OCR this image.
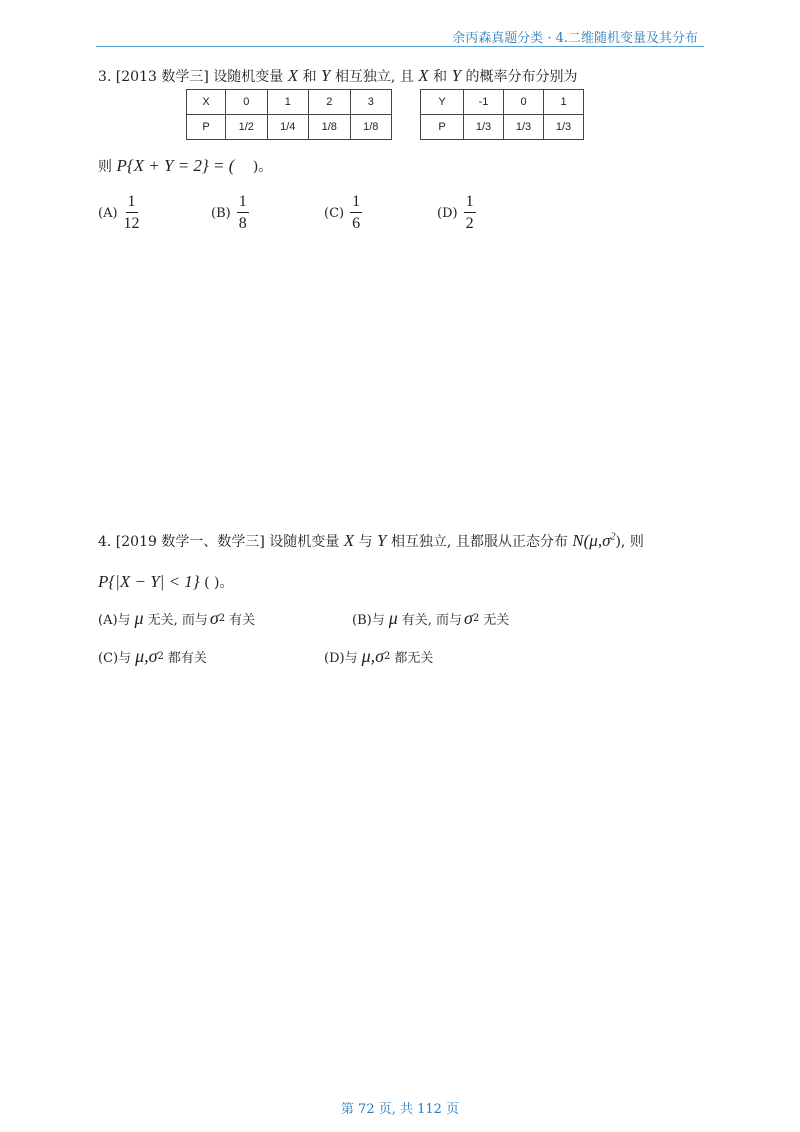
余丙森真题分类 · 4.二维随机变量及其分布
3. [2013 数学三] 设随机变量 X 和 Y 相互独立, 且 X 和 Y 的概率分布分别为
X	0	1	2	3
P	1/2	1/4	1/8	1/8
Y	-1	0	1
P	1/3	1/3	1/3
则 P{X + Y = 2} = ( )。
$(A) \frac{1}{12}$	$(B) \frac{1}{8}$	$(C) \frac{1}{6}$	$(D) \frac{1}{2}$
4. [2019 数学一、数学三] 设随机变量 X 与 Y 相互独立, 且都服从正态分布 $N(\mu,\sigma^2)$, 则
P{|X − Y| < 1} ( )。
(A)与 μ 无关, 而与 σ 2 有关	(B)与 μ 有关, 而与 σ 2 无关
(C)与 μ,σ 2 都有关	(D)与 μ,σ 2 都无关
第 72 页, 共 112 页
